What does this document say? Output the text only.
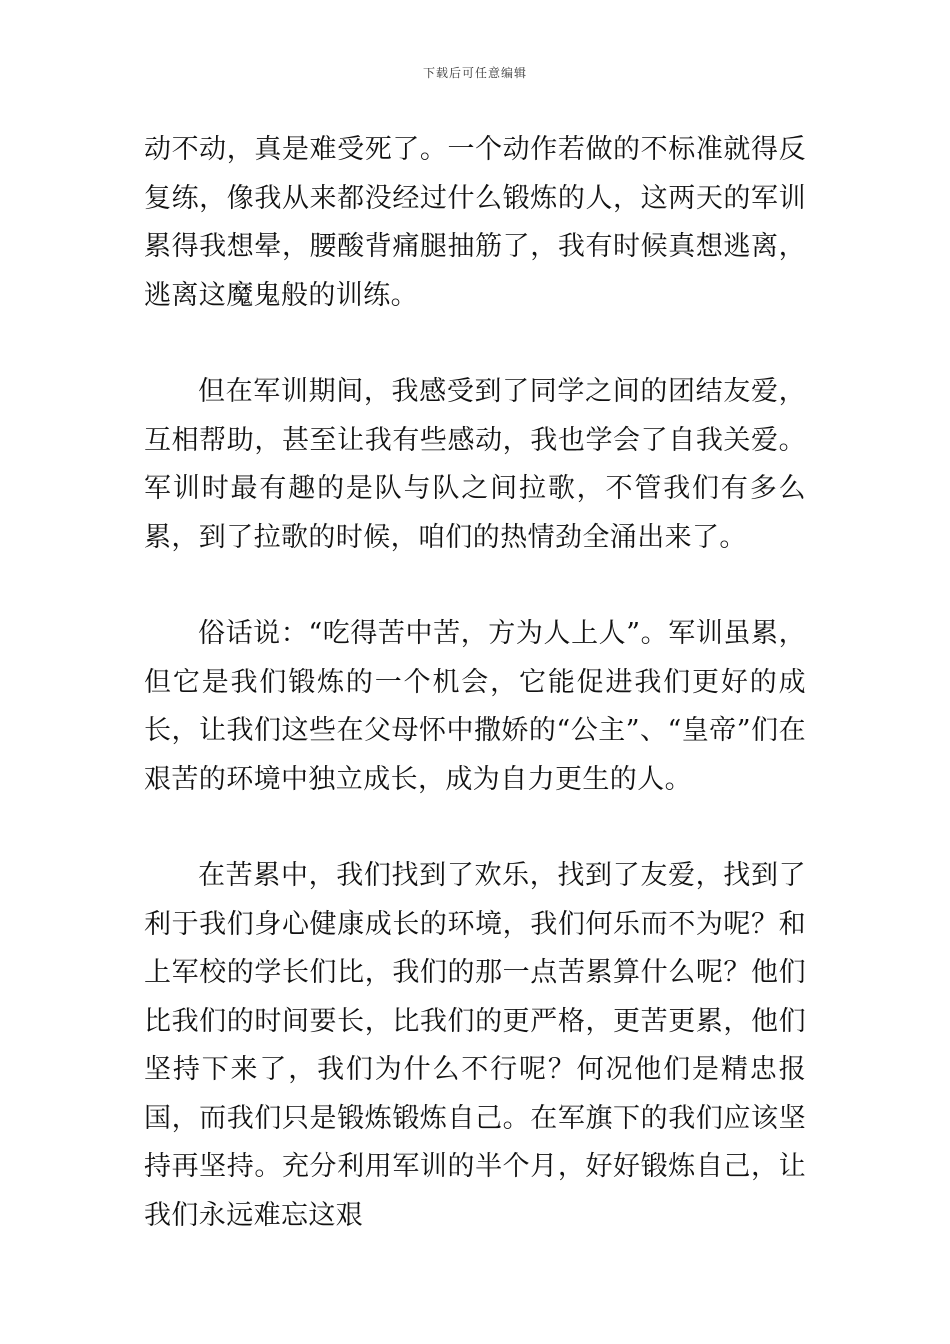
下载后可任意编辑

动不动，真是难受死了。一个动作若做的不标准就得反复练，像我从来都没经过什么锻炼的人，这两天的军训累得我想晕，腰酸背痛腿抽筋了，我有时候真想逃离，逃离这魔鬼般的训练。

但在军训期间，我感受到了同学之间的团结友爱，互相帮助，甚至让我有些感动，我也学会了自我关爱。军训时最有趣的是队与队之间拉歌，不管我们有多么累，到了拉歌的时候，咱们的热情劲全涌出来了。

俗话说：“吃得苦中苦，方为人上人”。军训虽累，但它是我们锻炼的一个机会，它能促进我们更好的成长，让我们这些在父母怀中撒娇的“公主”、“皇帝”们在艰苦的环境中独立成长，成为自力更生的人。

在苦累中，我们找到了欢乐，找到了友爱，找到了利于我们身心健康成长的环境，我们何乐而不为呢？和上军校的学长们比，我们的那一点苦累算什么呢？他们比我们的时间要长，比我们的更严格，更苦更累，他们坚持下来了，我们为什么不行呢？何况他们是精忠报国，而我们只是锻炼锻炼自己。在军旗下的我们应该坚持再坚持。充分利用军训的半个月，好好锻炼自己，让我们永远难忘这艰
